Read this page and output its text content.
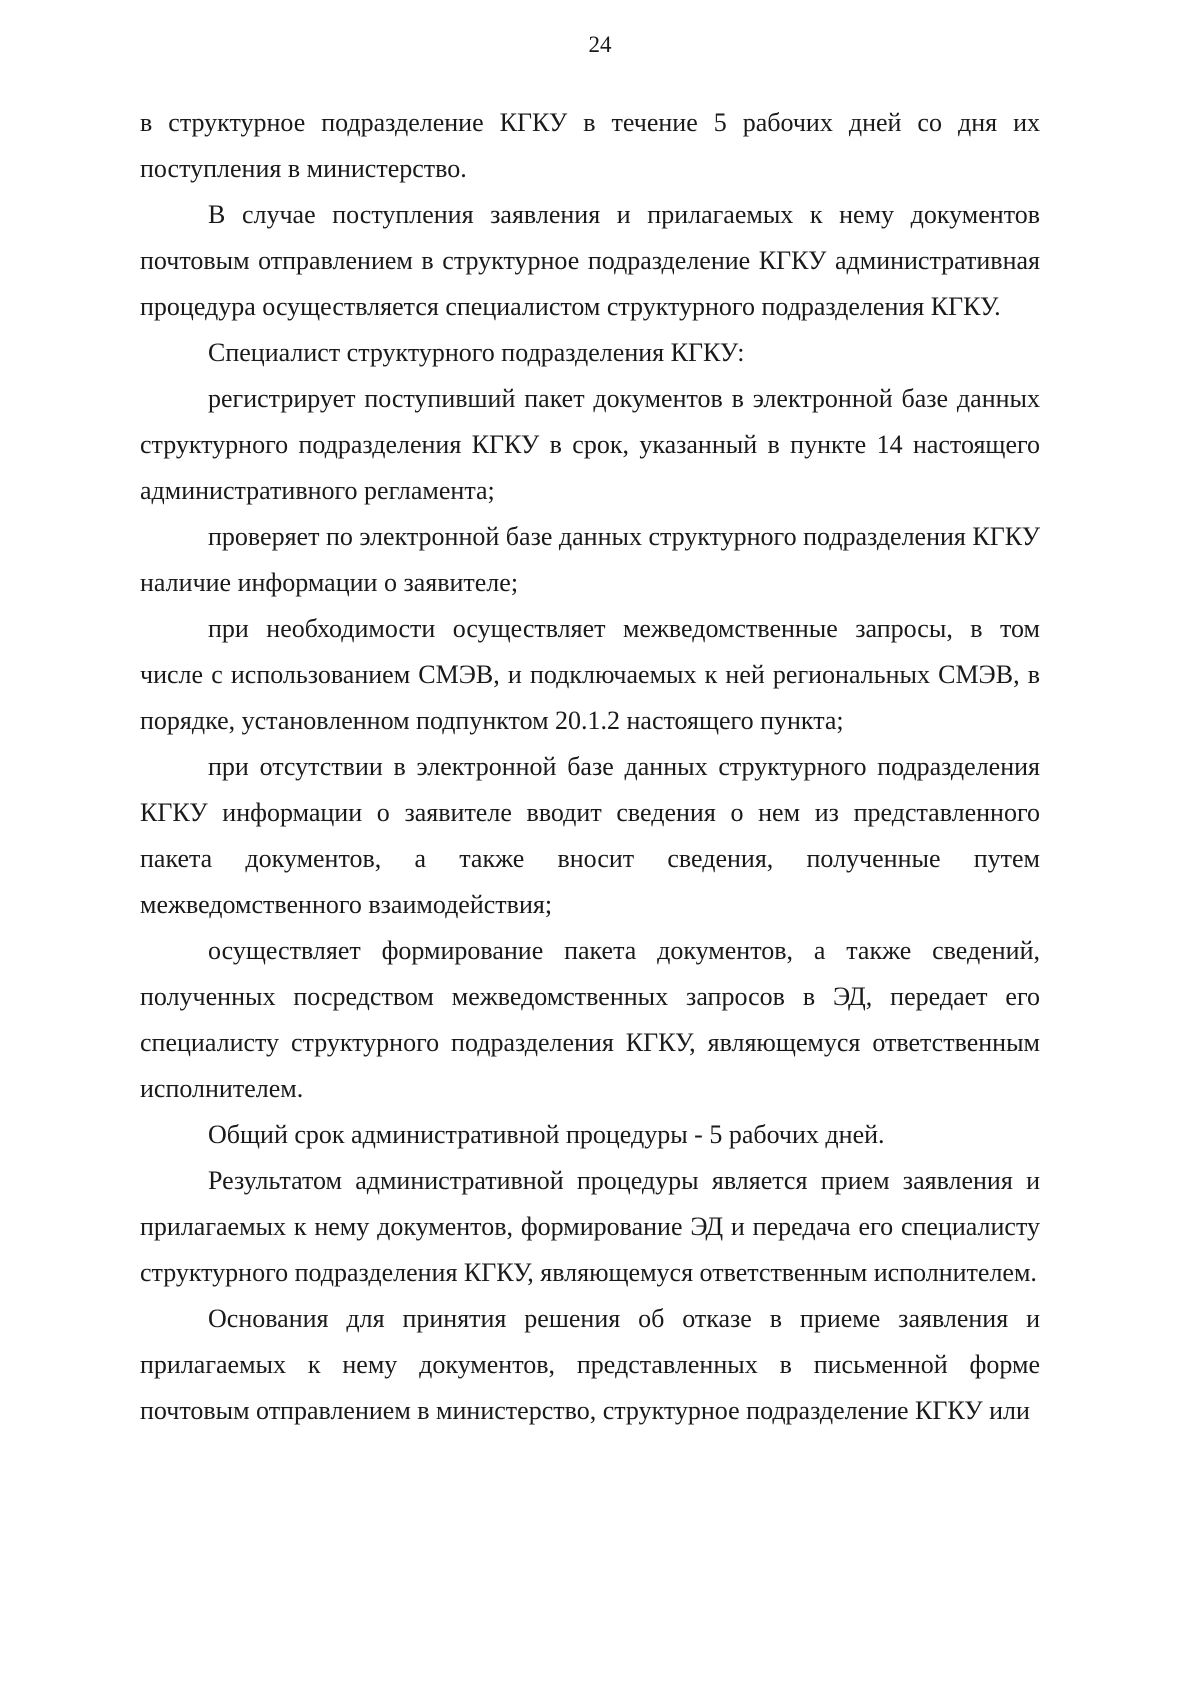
24

в структурное подразделение КГКУ в течение 5 рабочих дней со дня их поступления в министерство.

В случае поступления заявления и прилагаемых к нему документов почтовым отправлением в структурное подразделение КГКУ административная процедура осуществляется специалистом структурного подразделения КГКУ.

Специалист структурного подразделения КГКУ:

регистрирует поступивший пакет документов в электронной базе данных структурного подразделения КГКУ в срок, указанный в пункте 14 настоящего административного регламента;

проверяет по электронной базе данных структурного подразделения КГКУ наличие информации о заявителе;

при необходимости осуществляет межведомственные запросы, в том числе с использованием СМЭВ, и подключаемых к ней региональных СМЭВ, в порядке, установленном подпунктом 20.1.2 настоящего пункта;

при отсутствии в электронной базе данных структурного подразделения КГКУ информации о заявителе вводит сведения о нем из представленного пакета документов, а также вносит сведения, полученные путем межведомственного взаимодействия;

осуществляет формирование пакета документов, а также сведений, полученных посредством межведомственных запросов в ЭД, передает его специалисту структурного подразделения КГКУ, являющемуся ответственным исполнителем.

Общий срок административной процедуры - 5 рабочих дней.

Результатом административной процедуры является прием заявления и прилагаемых к нему документов, формирование ЭД и передача его специалисту структурного подразделения КГКУ, являющемуся ответственным исполнителем.

Основания для принятия решения об отказе в приеме заявления и прилагаемых к нему документов, представленных в письменной форме почтовым отправлением в министерство, структурное подразделение КГКУ или
